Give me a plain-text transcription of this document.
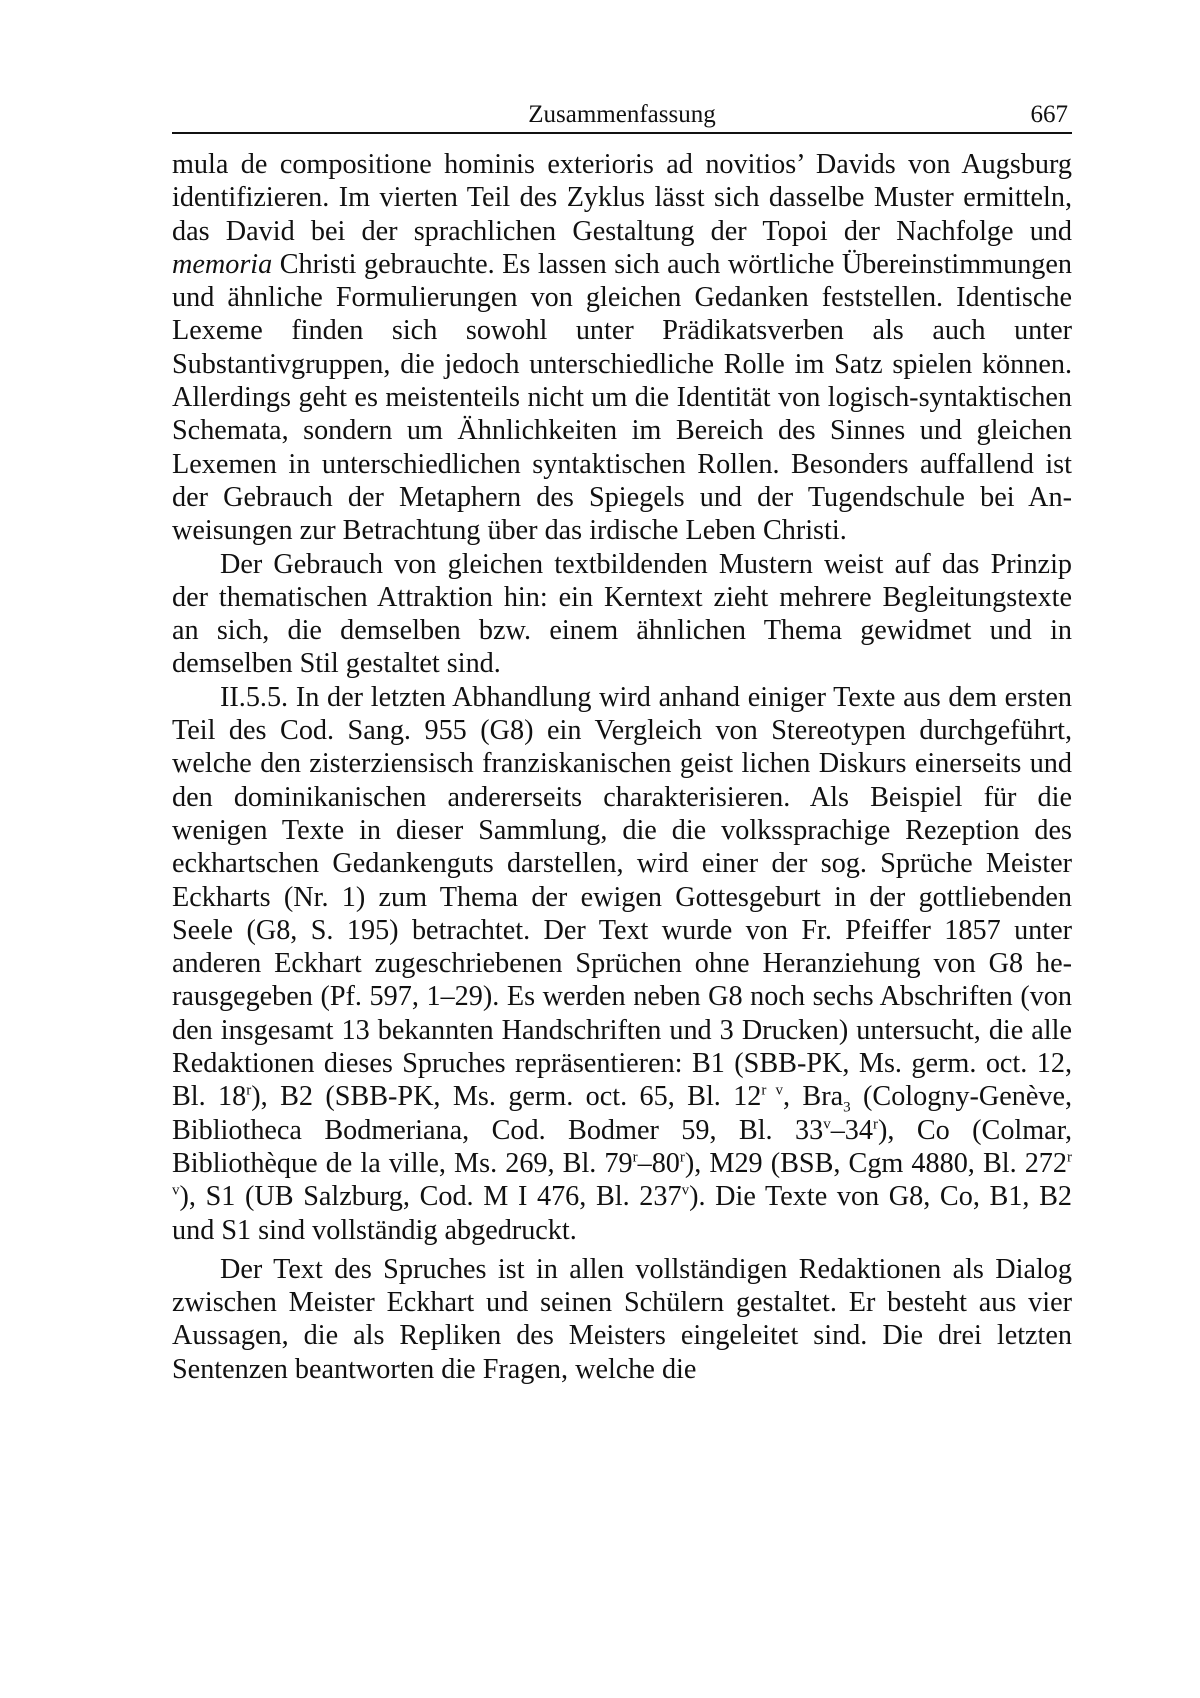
Zusammenfassung	667

mula de compositione hominis exterioris ad novitios’ Davids von Augsburg identifizieren. Im vierten Teil des Zyklus lässt sich dasselbe Muster ermitteln, das David bei der sprachlichen Gestaltung der Topoi der Nachfolge und memoria Christi gebrauchte. Es lassen sich auch wörtliche Übereinstimmungen und ähnliche Formulierungen von gleichen Gedanken feststellen. Identische Lexeme finden sich sowohl unter Prädikatsverben als auch unter Substantivgruppen, die jedoch unterschiedliche Rolle im Satz spielen können. Allerdings geht es meistenteils nicht um die Identität von logisch-syntaktischen Schemata, sondern um Ähnlichkeiten im Bereich des Sinnes und gleichen Lexemen in unterschiedlichen syntaktischen Rollen. Besonders auffallend ist der Gebrauch der Metaphern des Spiegels und der Tugendschule bei Anweisungen zur Betrachtung über das irdische Leben Christi.

Der Gebrauch von gleichen textbildenden Mustern weist auf das Prinzip der thematischen Attraktion hin: ein Kerntext zieht mehrere Begleitungstexte an sich, die demselben bzw. einem ähnlichen Thema gewidmet und in demselben Stil gestaltet sind.

II.5.5. In der letzten Abhandlung wird anhand einiger Texte aus dem ersten Teil des Cod. Sang. 955 (G8) ein Vergleich von Stereotypen durchgeführt, welche den zisterziensisch franziskanischen geist lichen Diskurs einerseits und den dominikanischen andererseits charakterisieren. Als Beispiel für die wenigen Texte in dieser Sammlung, die die volkssprachige Rezeption des eckhartschen Gedankenguts darstellen, wird einer der sog. Sprüche Meister Eckharts (Nr. 1) zum Thema der ewigen Gottesgeburt in der gottliebenden Seele (G8, S. 195) betrachtet. Der Text wurde von Fr. Pfeiffer 1857 unter anderen Eckhart zugeschriebenen Sprüchen ohne Heranziehung von G8 herausgegeben (Pf. 597, 1–29). Es werden neben G8 noch sechs Abschriften (von den insgesamt 13 bekannten Handschriften und 3 Drucken) untersucht, die alle Redaktionen dieses Spruches repräsentieren: B1 (SBB-PK, Ms. germ. oct. 12, Bl. 18$^r$), B2 (SBB-PK, Ms. germ. oct. 65, Bl. $12^{r v}$, Bra$_3$ (Cologny-Genève, Bibliotheca Bodmeriana, Cod. Bodmer 59, Bl. 33$^v$–34$^r$), Co (Colmar, Bibliothèque de la ville, Ms. 269, Bl. 79$^r$–80$^r$), M29 (BSB, Cgm 4880, Bl. $272^{r v}$), S1 (UB Salzburg, Cod. M I 476, Bl. 237$^v$). Die Texte von G8, Co, B1, B2 und S1 sind vollständig abgedruckt.

Der Text des Spruches ist in allen vollständigen Redaktionen als Dialog zwischen Meister Eckhart und seinen Schülern gestaltet. Er besteht aus vier Aussagen, die als Repliken des Meisters eingeleitet sind. Die drei letzten Sentenzen beantworten die Fragen, welche die
